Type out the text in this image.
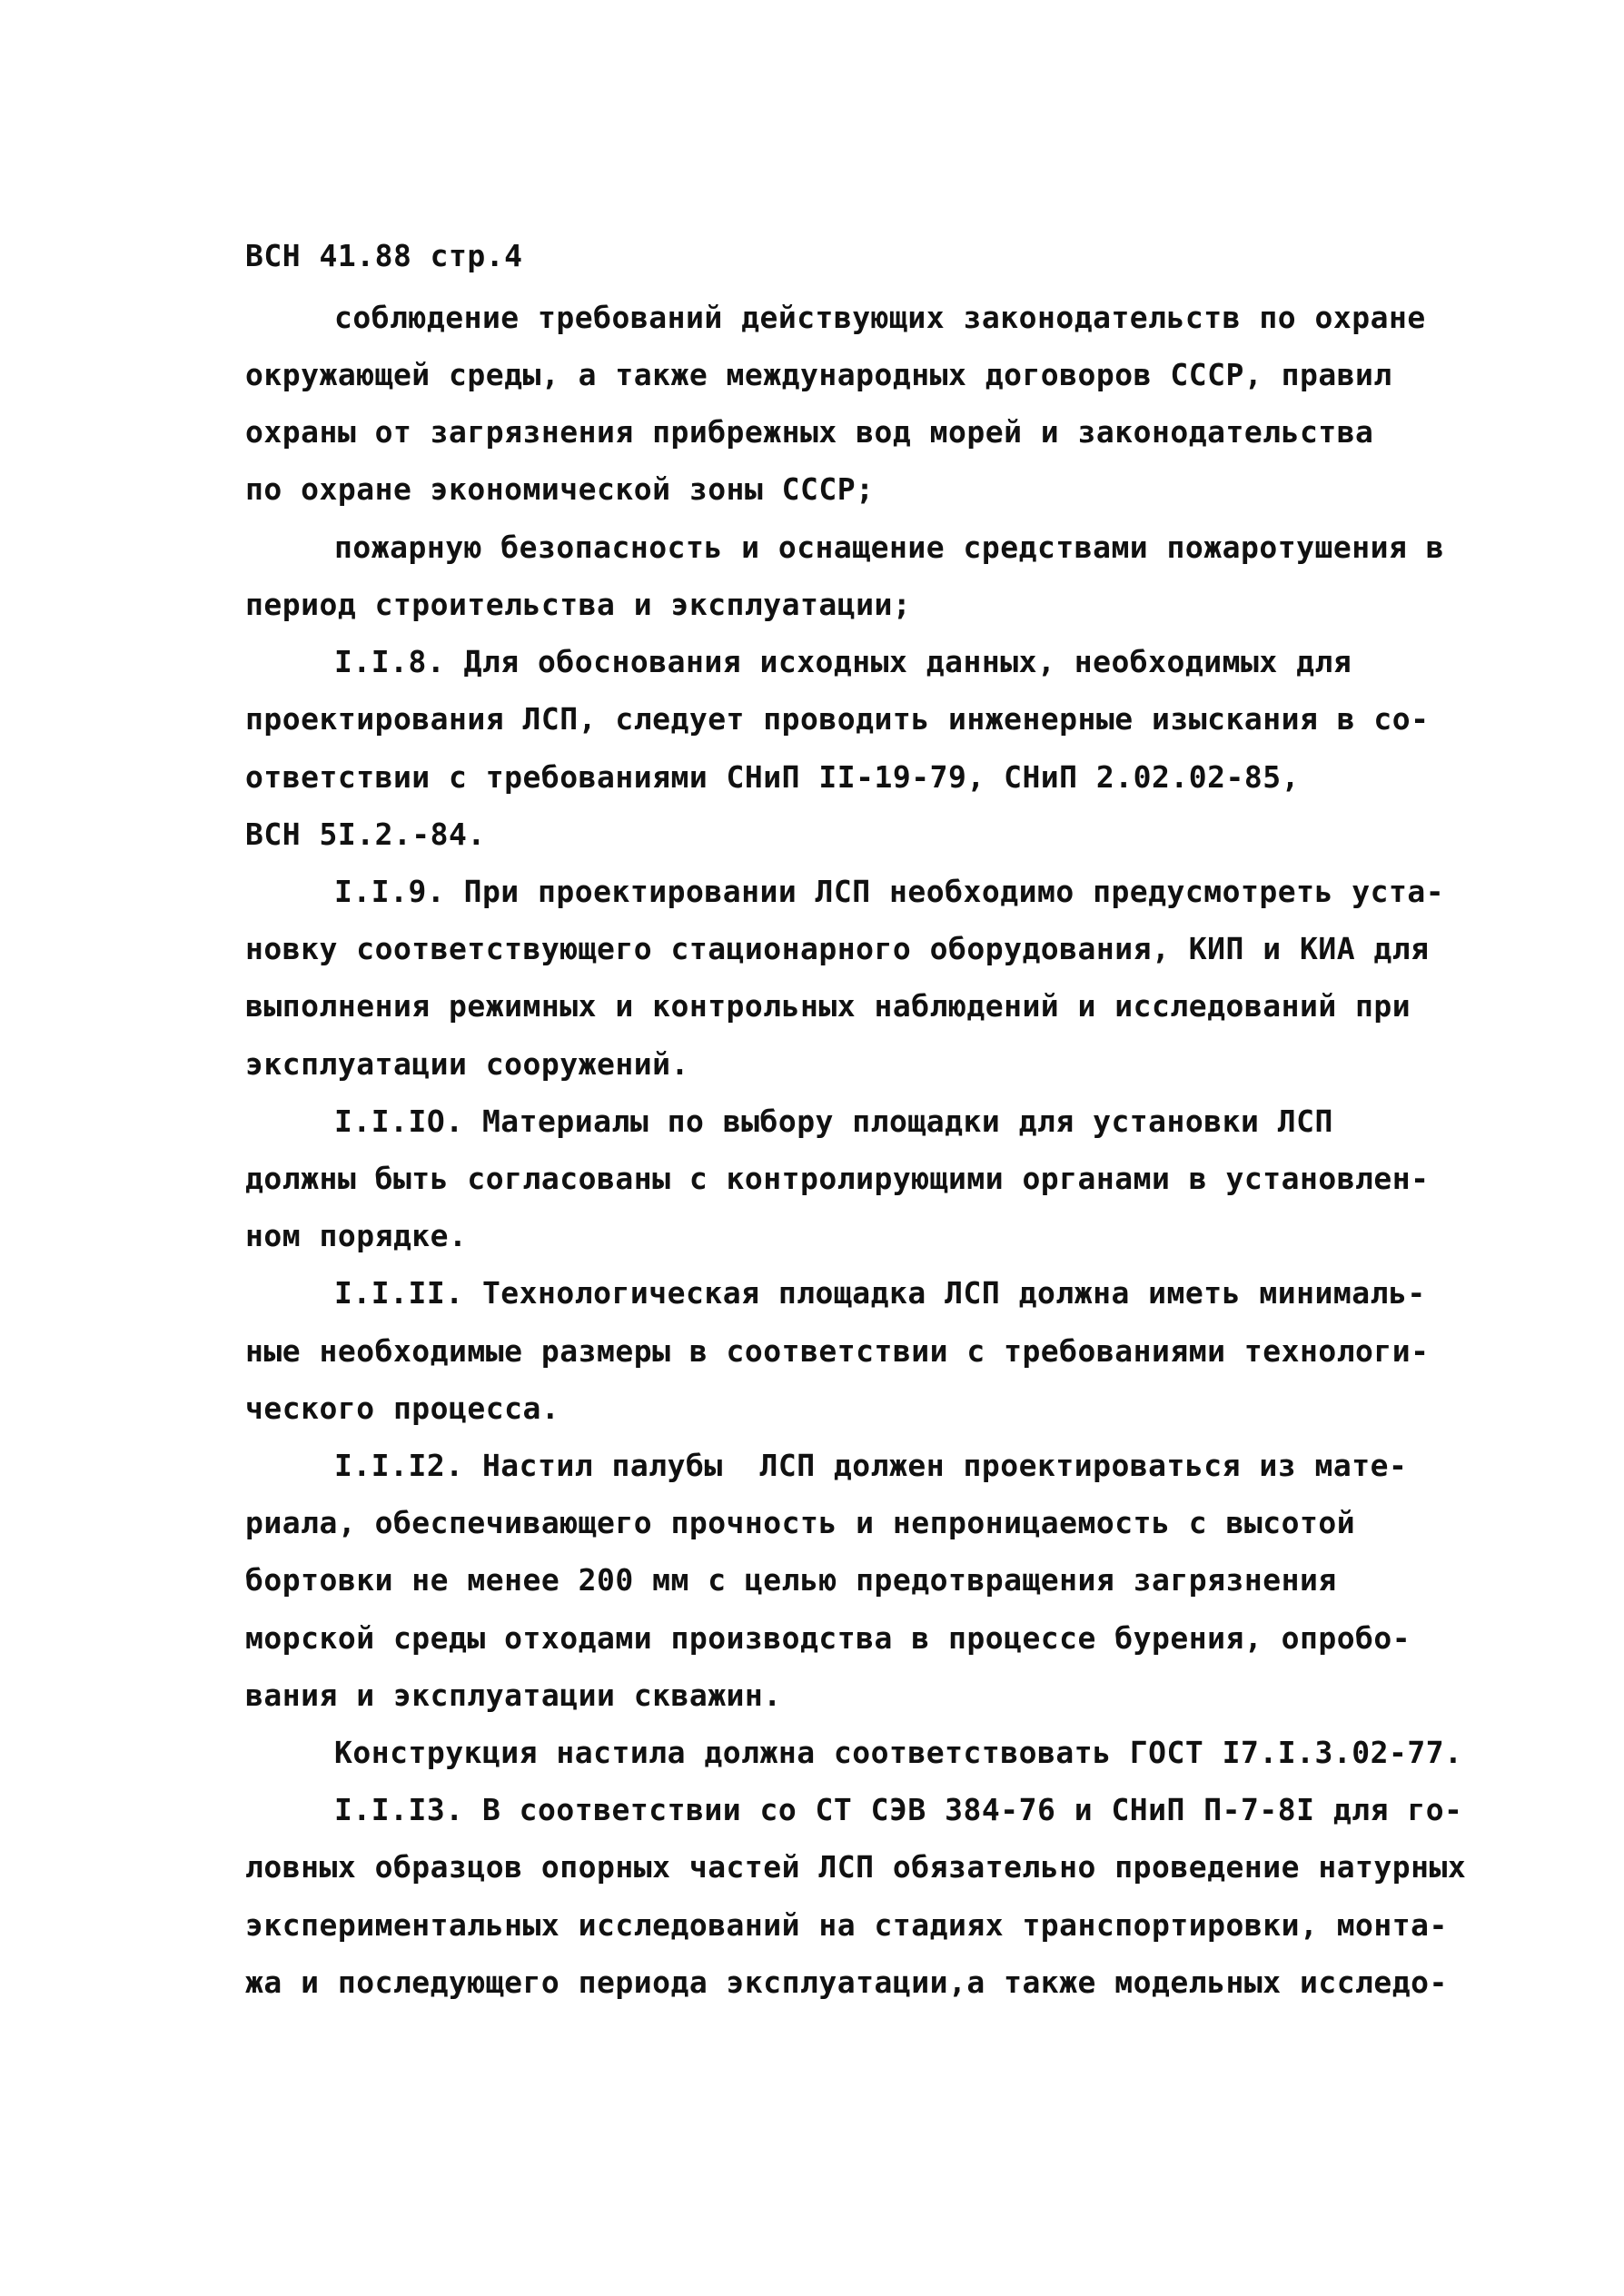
ВСН 41.88 стр.4

соблюдение требований действующих законодательств по охране

окружающей среды, а также международных договоров СССР, правил

охраны от загрязнения прибрежных вод морей и законодательства

по охране экономической зоны СССР;

пожарную безопасность и оснащение средствами пожаротушения в

период строительства и эксплуатации;

I.I.8. Для обоснования исходных данных, необходимых для

проектирования ЛСП, следует проводить инженерные изыскания в со-

ответствии с требованиями СНиП II-19-79, СНиП 2.02.02-85,

ВСН 5I.2.-84.

I.I.9. При проектировании ЛСП необходимо предусмотреть уста-

новку соответствующего стационарного оборудования, КИП и КИА для

выполнения режимных и контрольных наблюдений и исследований при

эксплуатации сооружений.

I.I.IO. Материалы по выбору площадки для установки ЛСП

должны быть согласованы с контролирующими органами в установлен-

ном порядке.

I.I.II. Технологическая площадка ЛСП должна иметь минималь-

ные необходимые размеры в соответствии с требованиями технологи-

ческого процесса.

I.I.I2. Настил палубы  ЛСП должен проектироваться из мате-

риала, обеспечивающего прочность и непроницаемость с высотой

бортовки не менее 200 мм с целью предотвращения загрязнения

морской среды отходами производства в процессе бурения, опробо-

вания и эксплуатации скважин.

Конструкция настила должна соответствовать ГОСТ I7.I.3.02-77.

I.I.I3. В соответствии со СТ СЭВ 384-76 и СНиП П-7-8I для го-

ловных образцов опорных частей ЛСП обязательно проведение натурных

экспериментальных исследований на стадиях транспортировки, монта-

жа и последующего периода эксплуатации,а также модельных исследо-
